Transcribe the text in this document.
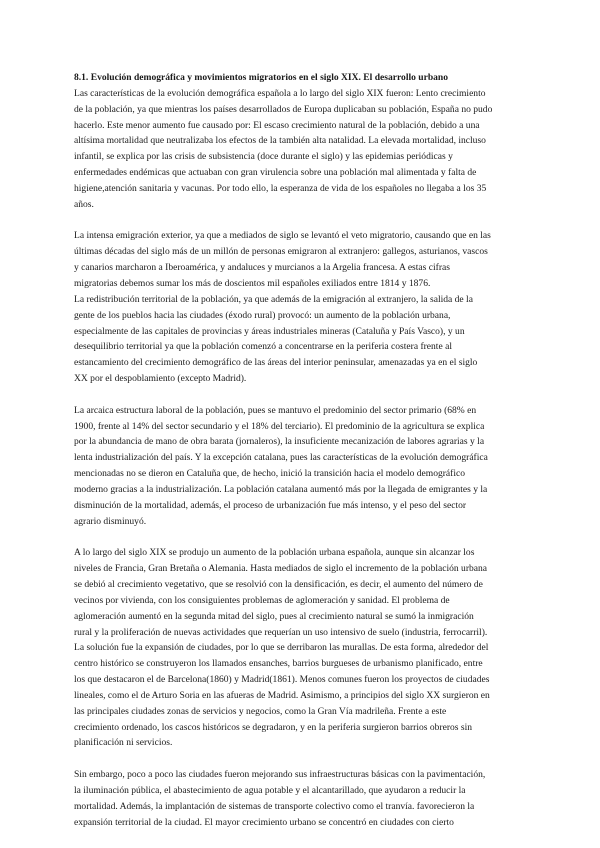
8.1. Evolución demográfica y movimientos migratorios en el siglo XIX. El desarrollo urbano

Las características de la evolución demográfica española a lo largo del siglo XIX fueron: Lento crecimiento
de la población, ya que mientras los países desarrollados de Europa duplicaban su población, España no pudo
hacerlo. Este menor aumento fue causado por: El escaso crecimiento natural de la población, debido a una
altísima mortalidad que neutralizaba los efectos de la también alta natalidad. La elevada mortalidad, incluso
infantil, se explica por las crisis de subsistencia (doce durante el siglo) y las epidemias periódicas y
enfermedades endémicas que actuaban con gran virulencia sobre una población mal alimentada y falta de
higiene,atención sanitaria y vacunas. Por todo ello, la esperanza de vida de los españoles no llegaba a los 35
años.
La intensa emigración exterior, ya que a mediados de siglo se levantó el veto migratorio, causando que en las
últimas décadas del siglo más de un millón de personas emigraron al extranjero: gallegos, asturianos, vascos
y canarios marcharon a Iberoamérica, y andaluces y murcianos a la Argelia francesa. A estas cifras
migratorias debemos sumar los más de doscientos mil españoles exiliados entre 1814 y 1876.
La redistribución territorial de la población, ya que además de la emigración al extranjero, la salida de la
gente de los pueblos hacia las ciudades (éxodo rural) provocó: un aumento de la población urbana,
especialmente de las capitales de provincias y áreas industriales mineras (Cataluña y País Vasco), y un
desequilibrio territorial ya que la población comenzó a concentrarse en la periferia costera frente al
estancamiento del crecimiento demográfico de las áreas del interior peninsular, amenazadas ya en el siglo
XX por el despoblamiento (excepto Madrid).
La arcaica estructura laboral de la población, pues se mantuvo el predominio del sector primario (68% en
1900, frente al 14% del sector secundario y el 18% del terciario). El predominio de la agricultura se explica
por la abundancia de mano de obra barata (jornaleros), la insuficiente mecanización de labores agrarias y la
lenta industrialización del país. Y la excepción catalana, pues las características de la evolución demográfica
mencionadas no se dieron en Cataluña que, de hecho, inició la transición hacia el modelo demográfico
moderno gracias a la industrialización. La población catalana aumentó más por la llegada de emigrantes y la
disminución de la mortalidad, además, el proceso de urbanización fue más intenso, y el peso del sector
agrario disminuyó.
A lo largo del siglo XIX se produjo un aumento de la población urbana española, aunque sin alcanzar los
niveles de Francia, Gran Bretaña o Alemania. Hasta mediados de siglo el incremento de la población urbana
se debió al crecimiento vegetativo, que se resolvió con la densificación, es decir, el aumento del número de
vecinos por vivienda, con los consiguientes problemas de aglomeración y sanidad. El problema de
aglomeración aumentó en la segunda mitad del siglo, pues al crecimiento natural se sumó la inmigración
rural y la proliferación de nuevas actividades que requerían un uso intensivo de suelo (industria, ferrocarril).
La solución fue la expansión de ciudades, por lo que se derribaron las murallas. De esta forma, alrededor del
centro histórico se construyeron los llamados ensanches, barrios burgueses de urbanismo planificado, entre
los que destacaron el de Barcelona(1860) y Madrid(1861). Menos comunes fueron los proyectos de ciudades
lineales, como el de Arturo Soria en las afueras de Madrid. Asimismo, a principios del siglo XX surgieron en
las principales ciudades zonas de servicios y negocios, como la Gran Vía madrileña. Frente a este
crecimiento ordenado, los cascos históricos se degradaron, y en la periferia surgieron barrios obreros sin
planificación ni servicios.
Sin embargo, poco a poco las ciudades fueron mejorando sus infraestructuras básicas con la pavimentación,
la iluminación pública, el abastecimiento de agua potable y el alcantarillado, que ayudaron a reducir la
mortalidad. Además, la implantación de sistemas de transporte colectivo como el tranvía. favorecieron la
expansión territorial de la ciudad. El mayor crecimiento urbano se concentró en ciudades con cierto
